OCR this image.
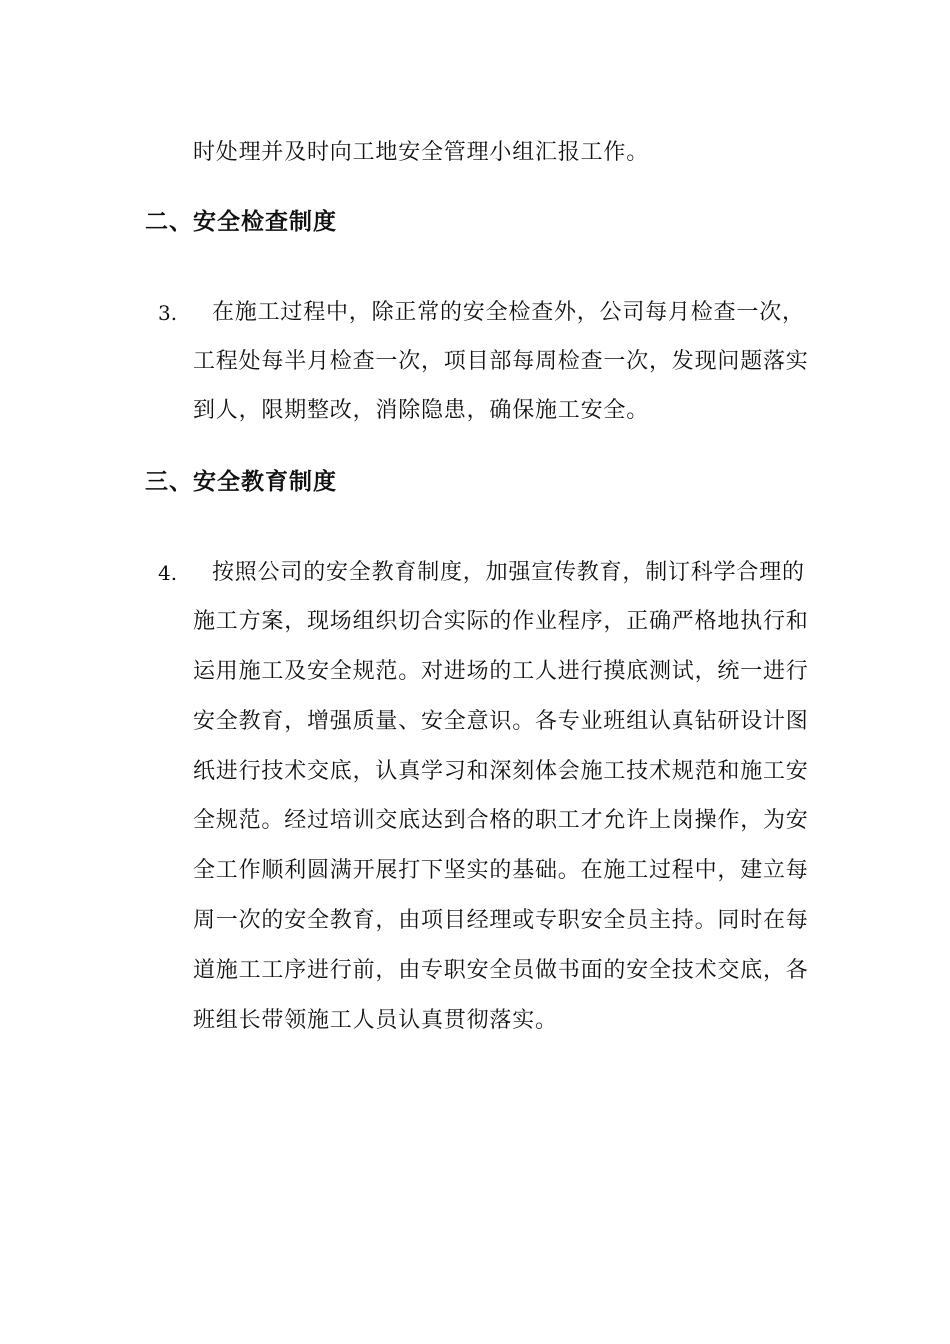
时处理并及时向工地安全管理小组汇报工作。
二、安全检查制度
3. 在施工过程中，除正常的安全检查外，公司每月检查一次，
工程处每半月检查一次，项目部每周检查一次，发现问题落实
到人，限期整改，消除隐患，确保施工安全。
三、安全教育制度
4. 按照公司的安全教育制度，加强宣传教育，制订科学合理的
施工方案，现场组织切合实际的作业程序，正确严格地执行和
运用施工及安全规范。对进场的工人进行摸底测试，统一进行
安全教育，增强质量、安全意识。各专业班组认真钻研设计图
纸进行技术交底，认真学习和深刻体会施工技术规范和施工安
全规范。经过培训交底达到合格的职工才允许上岗操作，为安
全工作顺利圆满开展打下坚实的基础。在施工过程中，建立每
周一次的安全教育，由项目经理或专职安全员主持。同时在每
道施工工序进行前，由专职安全员做书面的安全技术交底，各
班组长带领施工人员认真贯彻落实。
